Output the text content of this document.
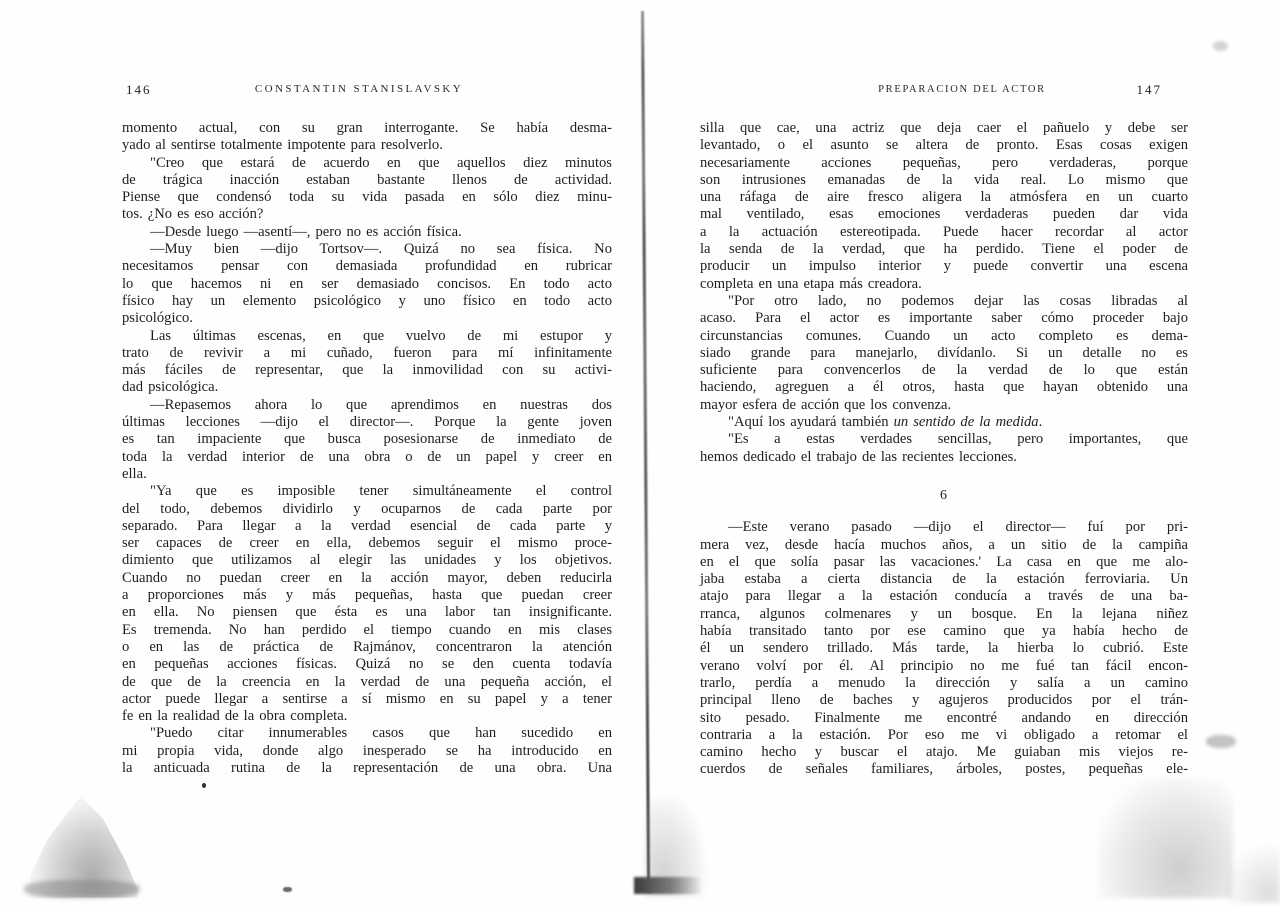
146	CONSTANTIN STANISLAVSKY	PREPARACION DEL ACTOR	147
momento actual, con su gran interrogante. Se había desma-
yado al sentirse totalmente impotente para resolverlo.
"Creo que estará de acuerdo en que aquellos diez minutos
de trágica inacción estaban bastante llenos de actividad.
Piense que condensó toda su vida pasada en sólo diez minu-
tos. ¿No es eso acción?
—Desde luego —asentí—, pero no es acción física.
—Muy bien —dijo Tortsov—. Quizá no sea física. No
necesitamos pensar con demasiada profundidad en rubricar
lo que hacemos ni en ser demasiado concisos. En todo acto
físico hay un elemento psicológico y uno físico en todo acto
psicológico.
Las últimas escenas, en que vuelvo de mi estupor y
trato de revivir a mi cuñado, fueron para mí infinitamente
más fáciles de representar, que la inmovilidad con su activi-
dad psicológica.
—Repasemos ahora lo que aprendimos en nuestras dos
últimas lecciones —dijo el director—. Porque la gente joven
es tan impaciente que busca posesionarse de inmediato de
toda la verdad interior de una obra o de un papel y creer en
ella.
"Ya que es imposible tener simultáneamente el control
del todo, debemos dividirlo y ocuparnos de cada parte por
separado. Para llegar a la verdad esencial de cada parte y
ser capaces de creer en ella, debemos seguir el mismo proce-
dimiento que utilizamos al elegir las unidades y los objetivos.
Cuando no puedan creer en la acción mayor, deben reducirla
a proporciones más y más pequeñas, hasta que puedan creer
en ella. No piensen que ésta es una labor tan insignificante.
Es tremenda. No han perdido el tiempo cuando en mis clases
o en las de práctica de Rajmánov, concentraron la atención
en pequeñas acciones físicas. Quizá no se den cuenta todavía
de que de la creencia en la verdad de una pequeña acción, el
actor puede llegar a sentirse a sí mismo en su papel y a tener
fe en la realidad de la obra completa.
"Puedo citar innumerables casos que han sucedido en
mi propia vida, donde algo inesperado se ha introducido en
la anticuada rutina de la representación de una obra. Una
silla que cae, una actriz que deja caer el pañuelo y debe ser
levantado, o el asunto se altera de pronto. Esas cosas exigen
necesariamente acciones pequeñas, pero verdaderas, porque
son intrusiones emanadas de la vida real. Lo mismo que
una ráfaga de aire fresco aligera la atmósfera en un cuarto
mal ventilado, esas emociones verdaderas pueden dar vida
a la actuación estereotipada. Puede hacer recordar al actor
la senda de la verdad, que ha perdido. Tiene el poder de
producir un impulso interior y puede convertir una escena
completa en una etapa más creadora.
"Por otro lado, no podemos dejar las cosas libradas al
acaso. Para el actor es importante saber cómo proceder bajo
circunstancias comunes. Cuando un acto completo es dema-
siado grande para manejarlo, divídanlo. Si un detalle no es
suficiente para convencerlos de la verdad de lo que están
haciendo, agreguen a él otros, hasta que hayan obtenido una
mayor esfera de acción que los convenza.
"Aquí los ayudará también un sentido de la medida.
"Es a estas verdades sencillas, pero importantes, que
hemos dedicado el trabajo de las recientes lecciones.
6
—Este verano pasado —dijo el director— fuí por pri-
mera vez, desde hacía muchos años, a un sitio de la campiña
en el que solía pasar las vacaciones.' La casa en que me alo-
jaba estaba a cierta distancia de la estación ferroviaria. Un
atajo para llegar a la estación conducía a través de una ba-
rranca, algunos colmenares y un bosque. En la lejana niñez
había transitado tanto por ese camino que ya había hecho de
él un sendero trillado. Más tarde, la hierba lo cubrió. Este
verano volví por él. Al principio no me fué tan fácil encon-
trarlo, perdía a menudo la dirección y salía a un camino
principal lleno de baches y agujeros producidos por el trán-
sito pesado. Finalmente me encontré andando en dirección
contraria a la estación. Por eso me vi obligado a retomar el
camino hecho y buscar el atajo. Me guiaban mis viejos re-
cuerdos de señales familiares, árboles, postes, pequeñas ele-
